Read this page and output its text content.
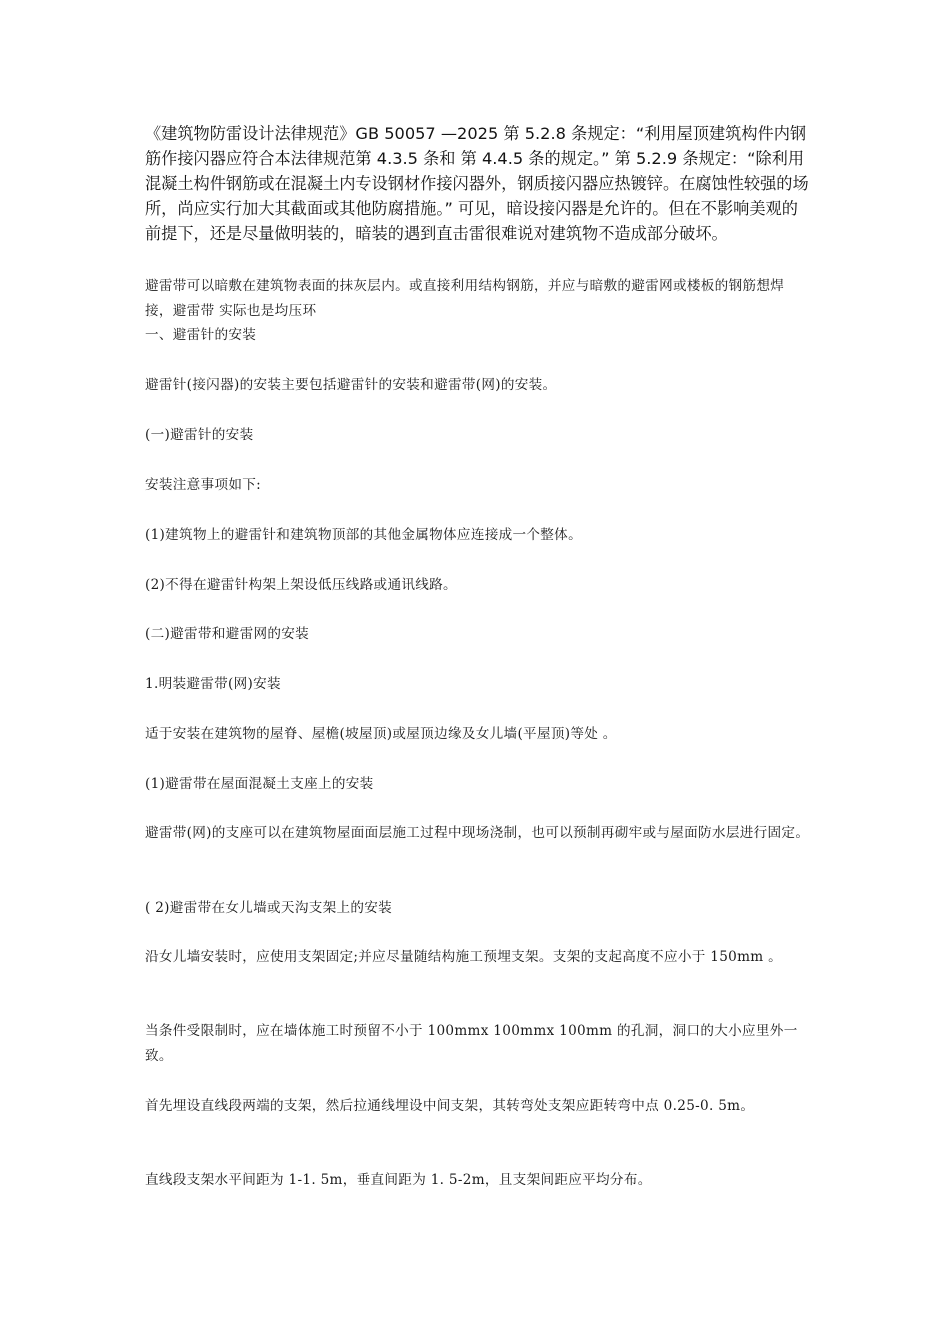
《建筑物防雷设计法律规范》GB 50057 —2025 第 5.2.8 条规定：“利用屋顶建筑构件内钢筋作接闪器应符合本法律规范第 4.3.5 条和 第 4.4.5 条的规定。” 第 5.2.9 条规定：“除利用混凝土构件钢筋或在混凝土内专设钢材作接闪器外，钢质接闪器应热镀锌。在腐蚀性较强的场所，尚应实行加大其截面或其他防腐措施。” 可见，暗设接闪器是允许的。但在不影响美观的前提下，还是尽量做明装的，暗装的遇到直击雷很难说对建筑物不造成部分破坏。

避雷带可以暗敷在建筑物表面的抹灰层内。或直接利用结构钢筋，并应与暗敷的避雷网或楼板的钢筋想焊接，避雷带 实际也是均压环

一、避雷针的安装

避雷针(接闪器)的安装主要包括避雷针的安装和避雷带(网)的安装。

(一)避雷针的安装

安装注意事项如下:

(1)建筑物上的避雷针和建筑物顶部的其他金属物体应连接成一个整体。

(2)不得在避雷针构架上架设低压线路或通讯线路。

(二)避雷带和避雷网的安装

1.明装避雷带(网)安装

适于安装在建筑物的屋脊、屋檐(坡屋顶)或屋顶边缘及女儿墙(平屋顶)等处 。

(1)避雷带在屋面混凝土支座上的安装

避雷带(网)的支座可以在建筑物屋面面层施工过程中现场浇制，也可以预制再砌牢或与屋面防水层进行固定。

( 2)避雷带在女儿墙或天沟支架上的安装

沿女儿墙安装时，应使用支架固定;并应尽量随结构施工预埋支架。支架的支起高度不应小于 150mm 。

当条件受限制时，应在墙体施工时预留不小于 100mmx 100mmx 100mm 的孔洞，洞口的大小应里外一致。

首先埋设直线段两端的支架，然后拉通线埋设中间支架，其转弯处支架应距转弯中点 0.25-0. 5m。

直线段支架水平间距为 1-1. 5m，垂直间距为 1. 5-2m，且支架间距应平均分布。
